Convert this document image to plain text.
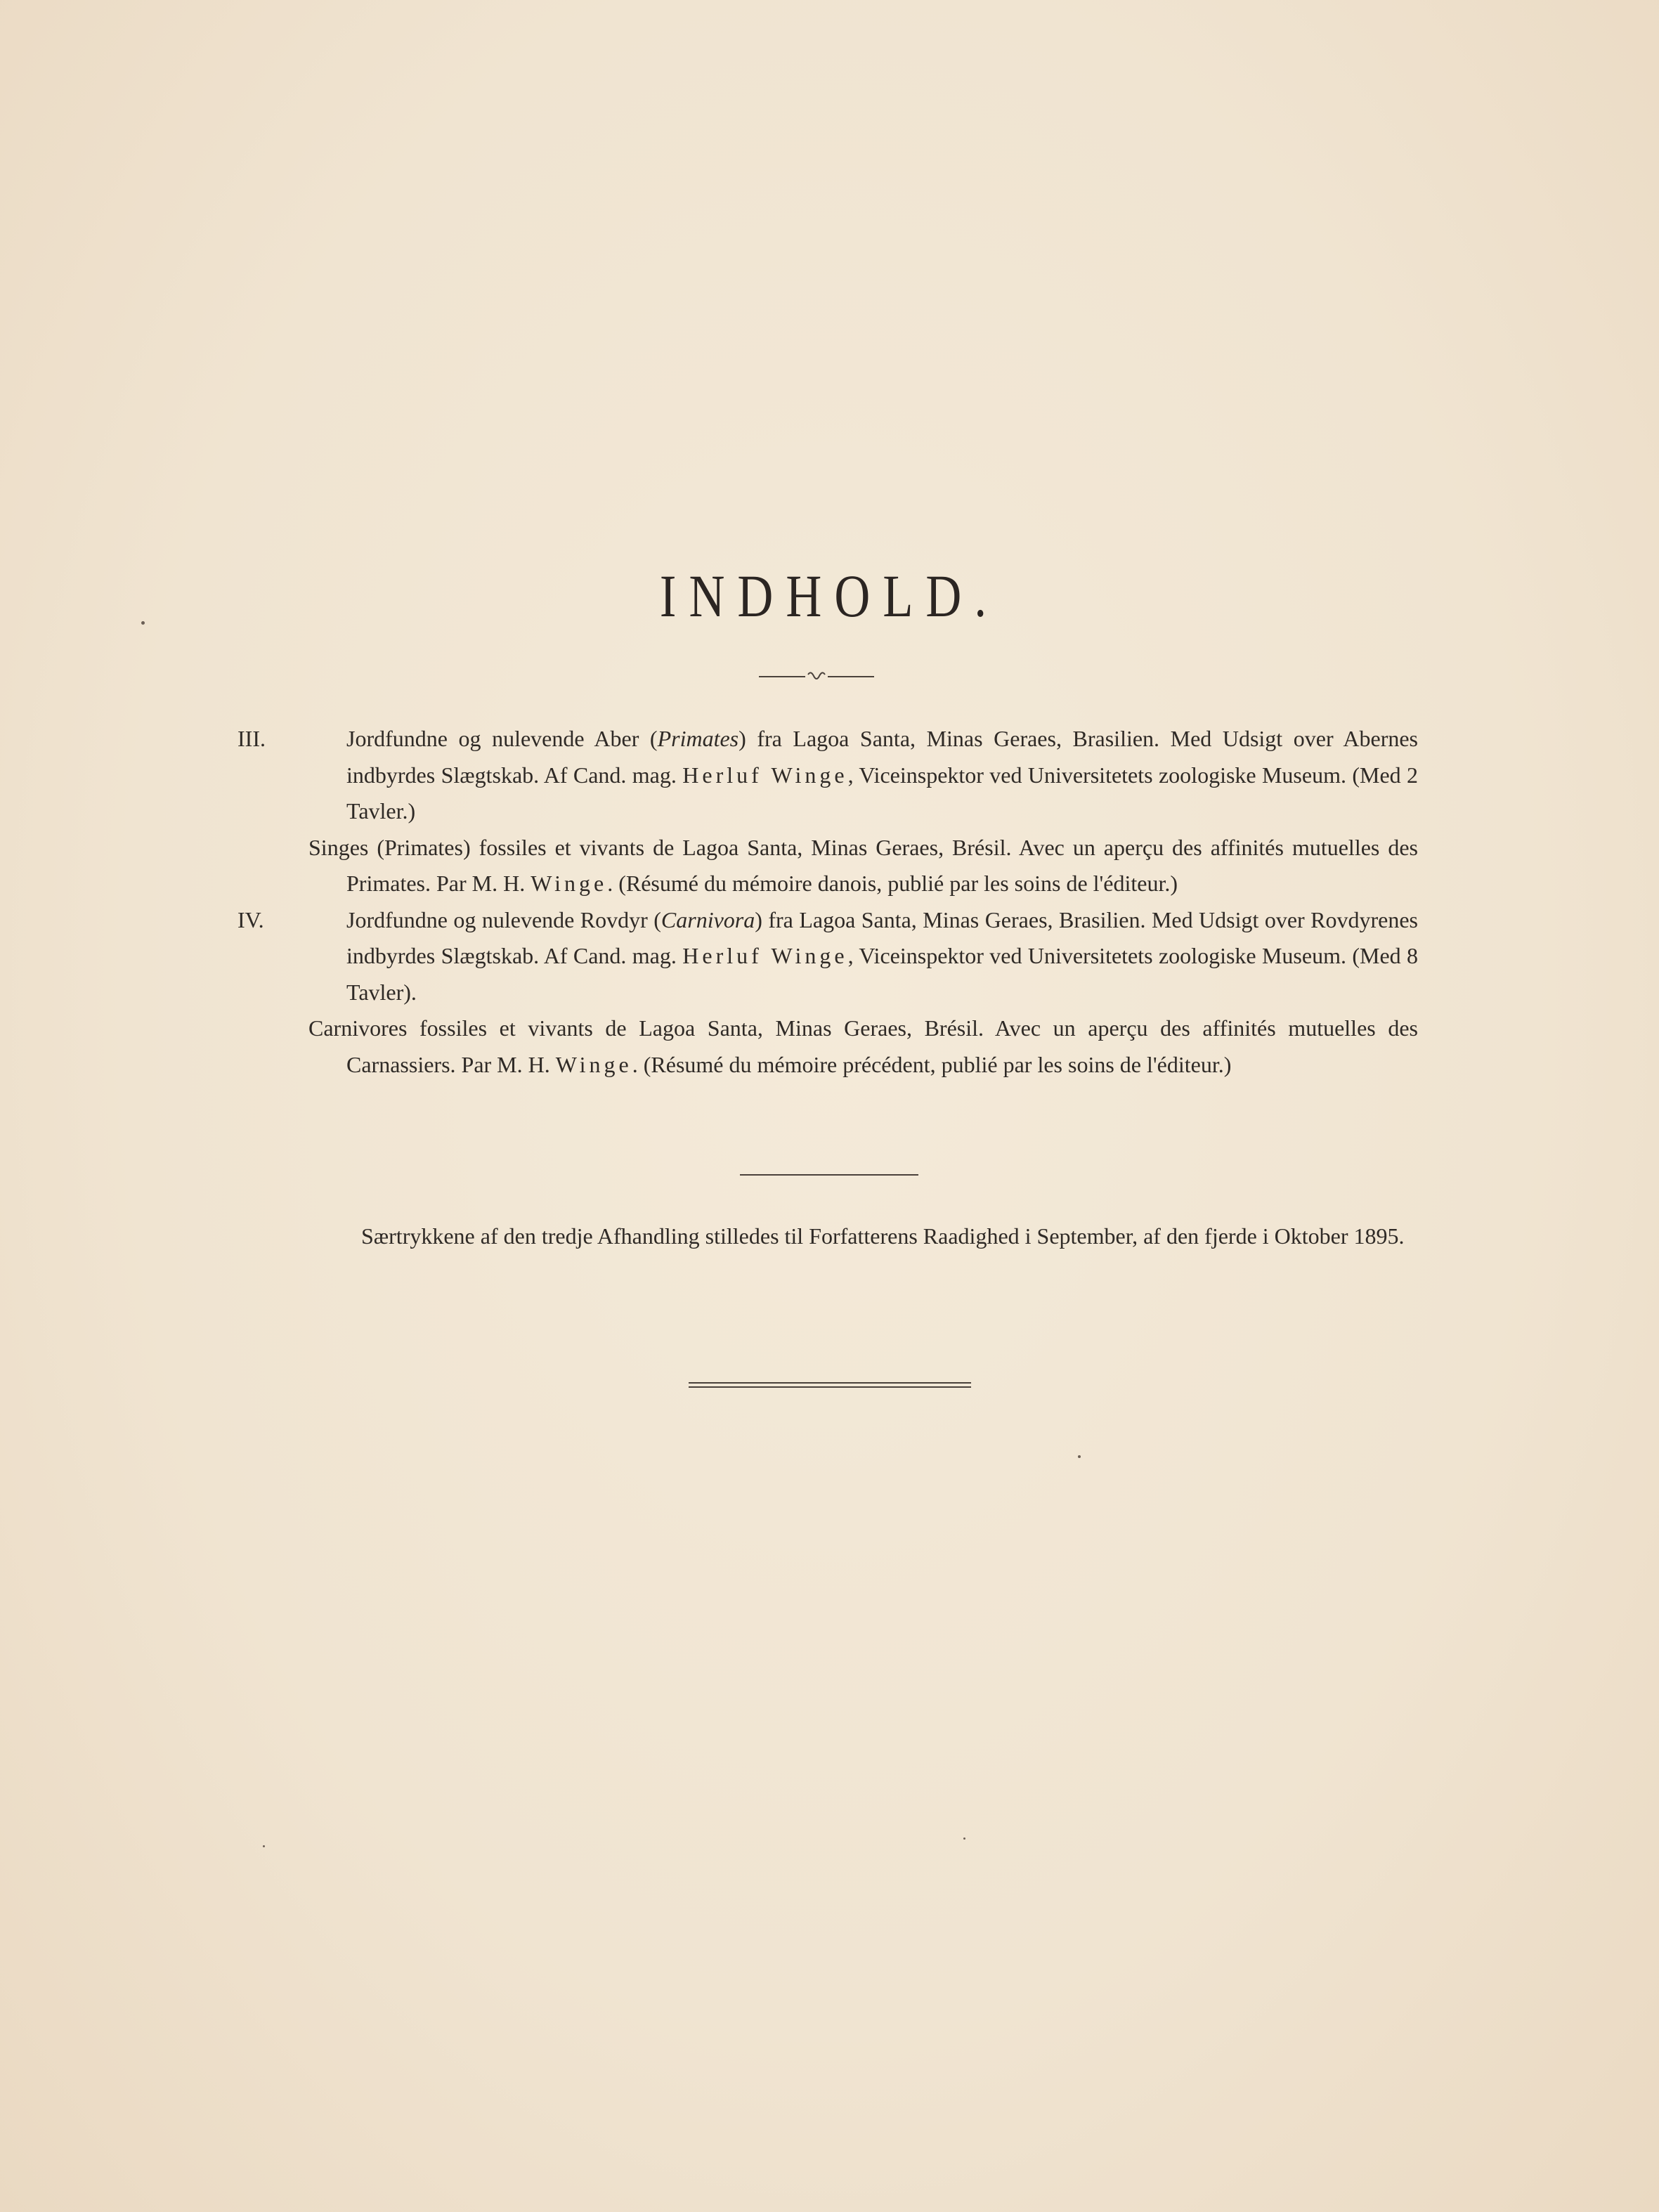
INDHOLD.
III.	Jordfundne og nulevende Aber (Primates) fra Lagoa Santa, Minas Geraes, Brasilien. Med Udsigt over Abernes indbyrdes Slægtskab. Af Cand. mag. Herluf Winge, Viceinspektor ved Universitetets zoologiske Museum. (Med 2 Tavler.)
Singes (Primates) fossiles et vivants de Lagoa Santa, Minas Geraes, Brésil. Avec un aperçu des affinités mutuelles des Primates. Par M. H. Winge. (Résumé du mémoire danois, publié par les soins de l'éditeur.)
IV.	Jordfundne og nulevende Rovdyr (Carnivora) fra Lagoa Santa, Minas Geraes, Brasilien. Med Udsigt over Rovdyrenes indbyrdes Slægtskab. Af Cand. mag. Herluf Winge, Viceinspektor ved Universitetets zoologiske Museum. (Med 8 Tavler).
Carnivores fossiles et vivants de Lagoa Santa, Minas Geraes, Brésil. Avec un aperçu des affinités mutuelles des Carnassiers. Par M. H. Winge. (Résumé du mémoire précédent, publié par les soins de l'éditeur.)
Særtrykkene af den tredje Afhandling stilledes til Forfatterens Raadighed i September, af den fjerde i Oktober 1895.
